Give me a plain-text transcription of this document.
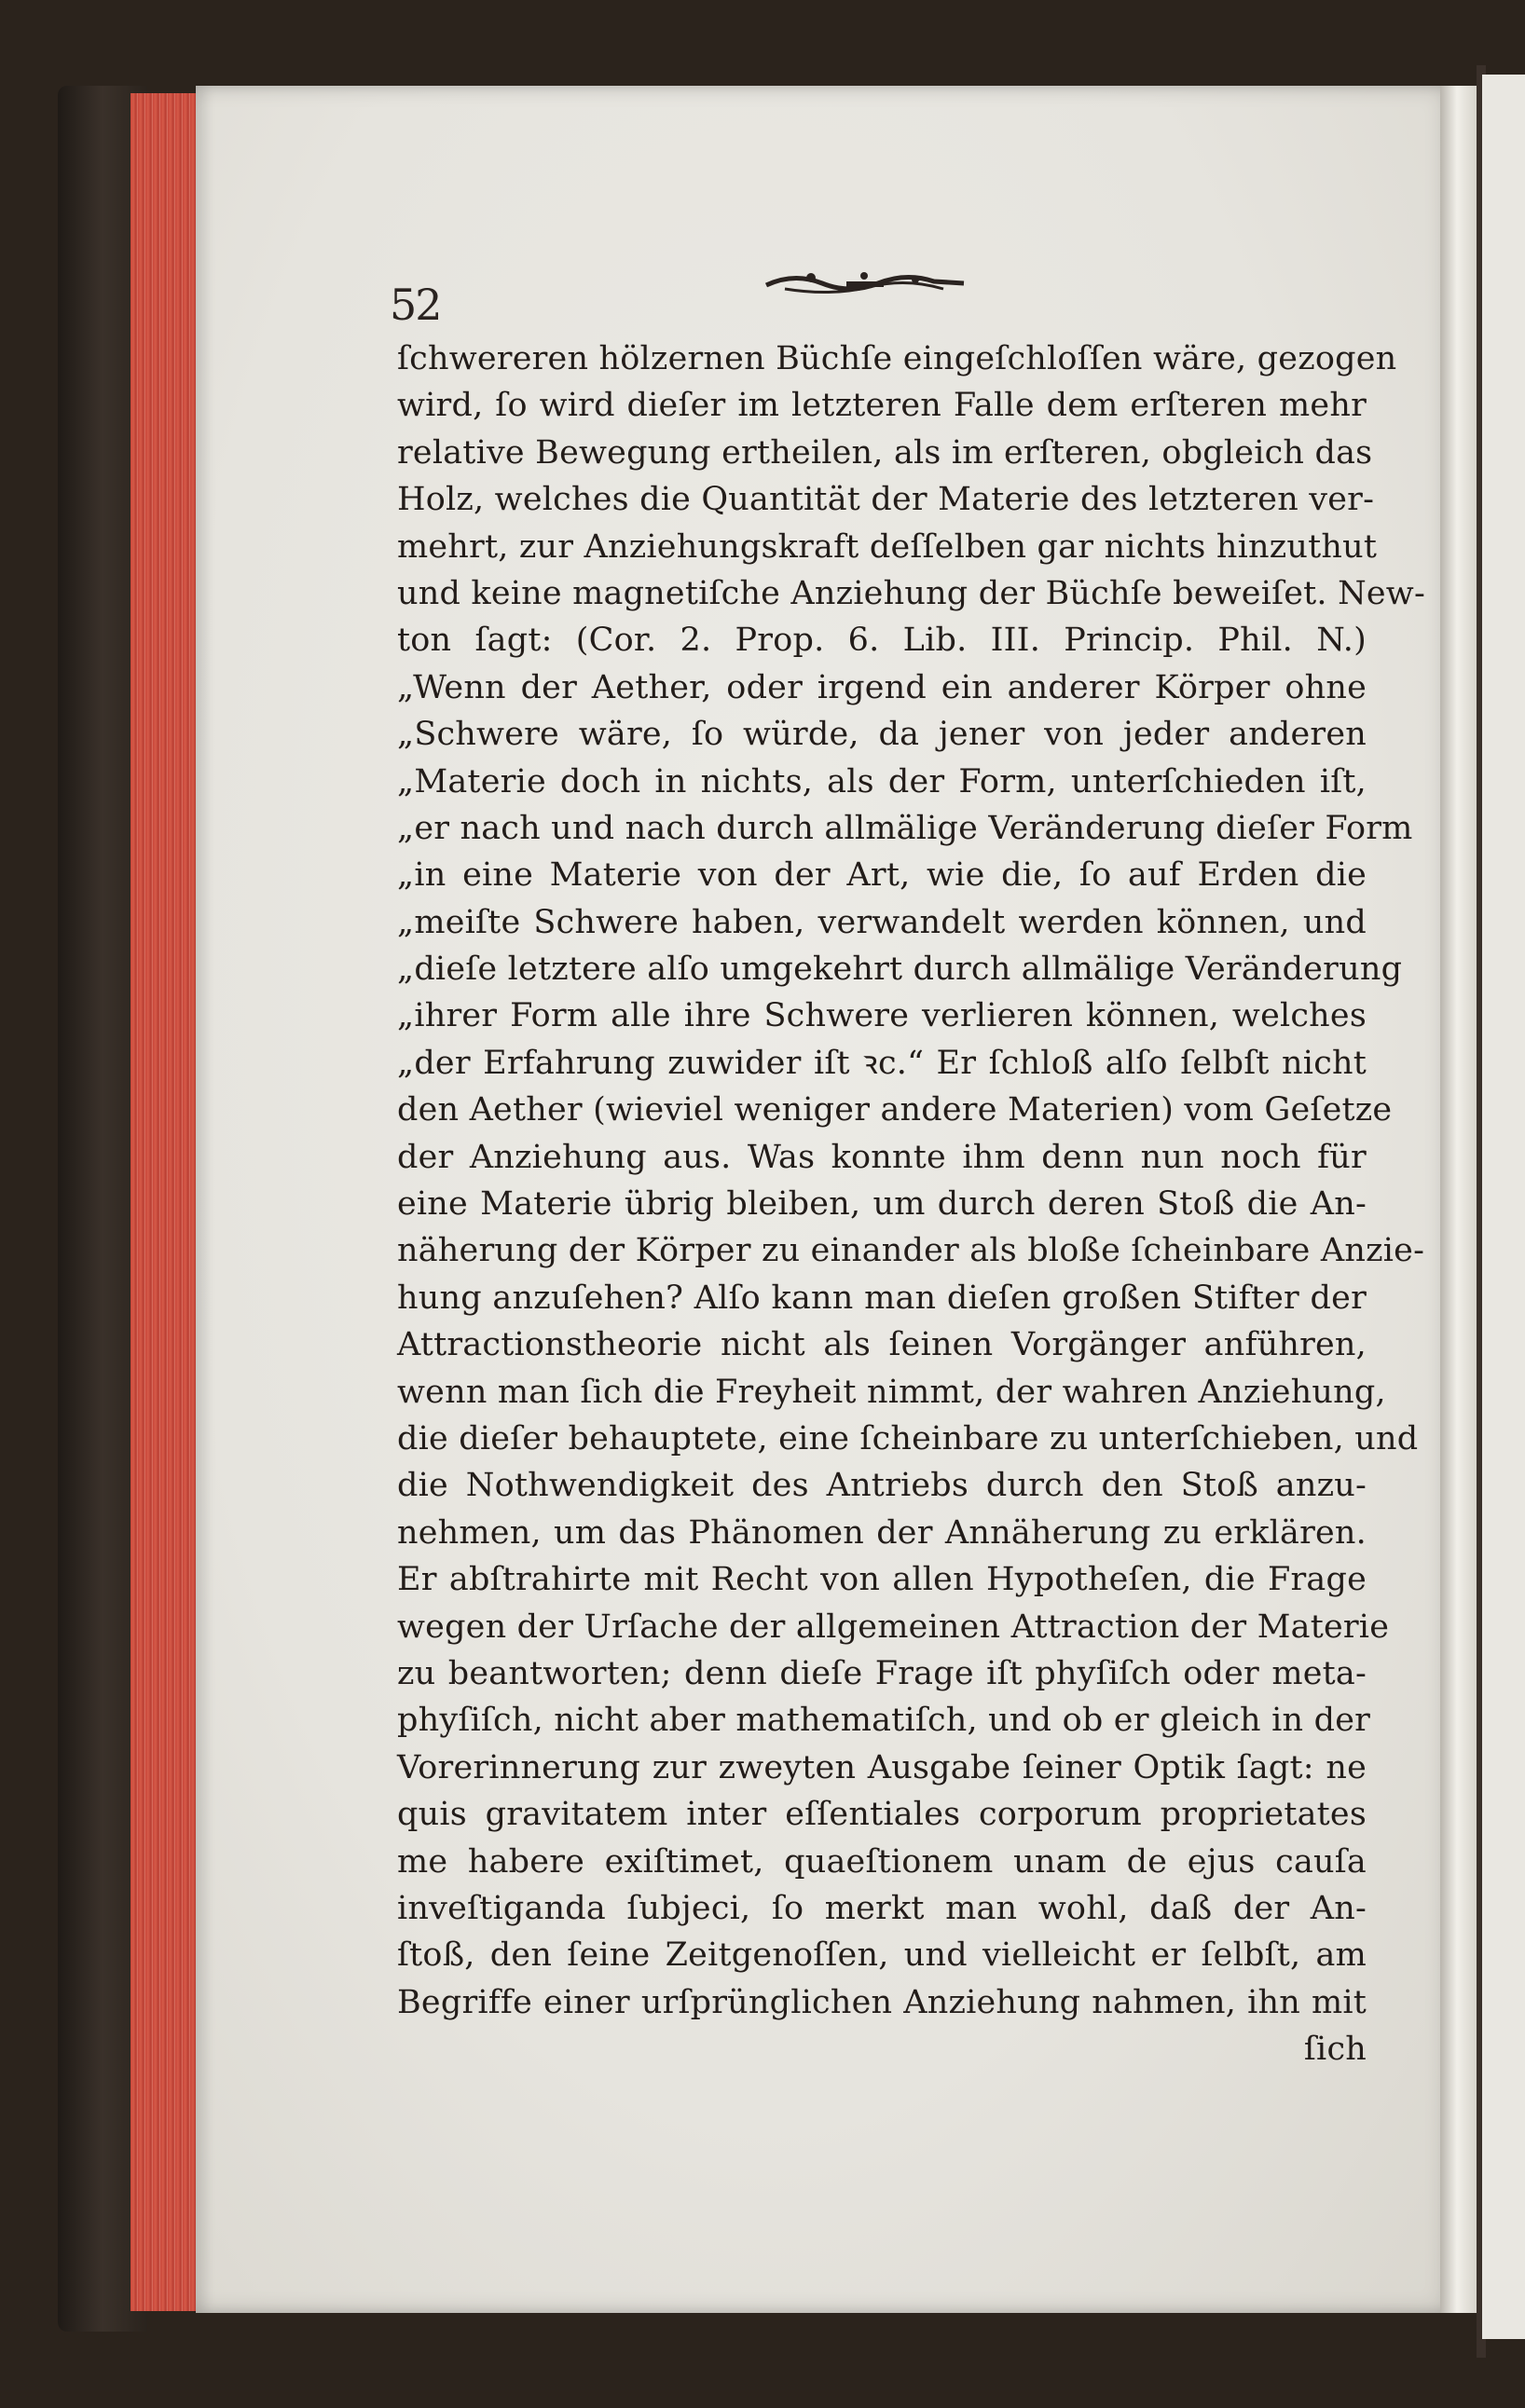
52
ſchwereren hölzernen Büchſe eingeſchloſſen wäre, gezogen
wird, ſo wird dieſer im letzteren Falle dem erſteren mehr
relative Bewegung ertheilen, als im erſteren, obgleich das
Holz, welches die Quantität der Materie des letzteren ver-
mehrt, zur Anziehungskraft deſſelben gar nichts hinzuthut
und keine magnetiſche Anziehung der Büchſe beweiſet. New-
ton ſagt: (Cor. 2. Prop. 6. Lib. III. Princip. Phil. N.)
„Wenn der Aether, oder irgend ein anderer Körper ohne
„Schwere wäre, ſo würde, da jener von jeder anderen
„Materie doch in nichts, als der Form, unterſchieden iſt,
„er nach und nach durch allmälige Veränderung dieſer Form
„in eine Materie von der Art, wie die, ſo auf Erden die
„meiſte Schwere haben, verwandelt werden können, und
„dieſe letztere alſo umgekehrt durch allmälige Veränderung
„ihrer Form alle ihre Schwere verlieren können, welches
„der Erfahrung zuwider iſt ꝛc.“ Er ſchloß alſo ſelbſt nicht
den Aether (wieviel weniger andere Materien) vom Geſetze
der Anziehung aus. Was konnte ihm denn nun noch für
eine Materie übrig bleiben, um durch deren Stoß die An-
näherung der Körper zu einander als bloße ſcheinbare Anzie-
hung anzuſehen? Alſo kann man dieſen großen Stifter der
Attractionstheorie nicht als ſeinen Vorgänger anführen,
wenn man ſich die Freyheit nimmt, der wahren Anziehung,
die dieſer behauptete, eine ſcheinbare zu unterſchieben, und
die Nothwendigkeit des Antriebs durch den Stoß anzu-
nehmen, um das Phänomen der Annäherung zu erklären.
Er abſtrahirte mit Recht von allen Hypotheſen, die Frage
wegen der Urſache der allgemeinen Attraction der Materie
zu beantworten; denn dieſe Frage iſt phyſiſch oder meta-
phyſiſch, nicht aber mathematiſch, und ob er gleich in der
Vorerinnerung zur zweyten Ausgabe ſeiner Optik ſagt: ne
quis gravitatem inter eſſentiales corporum proprietates
me habere exiſtimet, quaeſtionem unam de ejus cauſa
inveſtiganda ſubjeci, ſo merkt man wohl, daß der An-
ſtoß, den ſeine Zeitgenoſſen, und vielleicht er ſelbſt, am
Begriffe einer urſprünglichen Anziehung nahmen, ihn mit
ſich
